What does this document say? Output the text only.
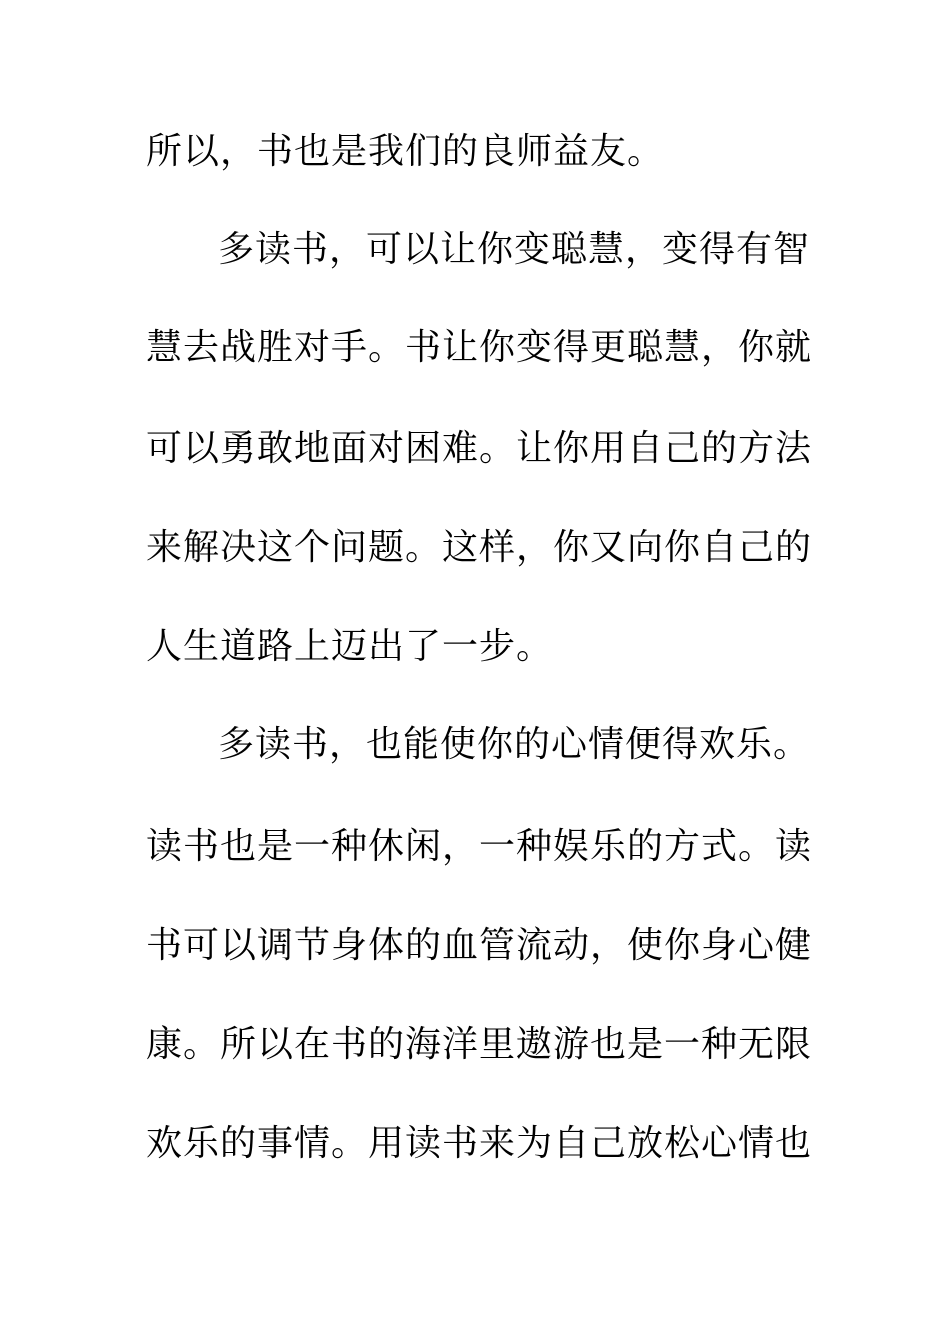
所以，书也是我们的良师益友。
多读书，可以让你变聪慧，变得有智
慧去战胜对手。书让你变得更聪慧，你就
可以勇敢地面对困难。让你用自己的方法
来解决这个问题。这样，你又向你自己的
人生道路上迈出了一步。
多读书，也能使你的心情便得欢乐。
读书也是一种休闲，一种娱乐的方式。读
书可以调节身体的血管流动，使你身心健
康。所以在书的海洋里遨游也是一种无限
欢乐的事情。用读书来为自己放松心情也
